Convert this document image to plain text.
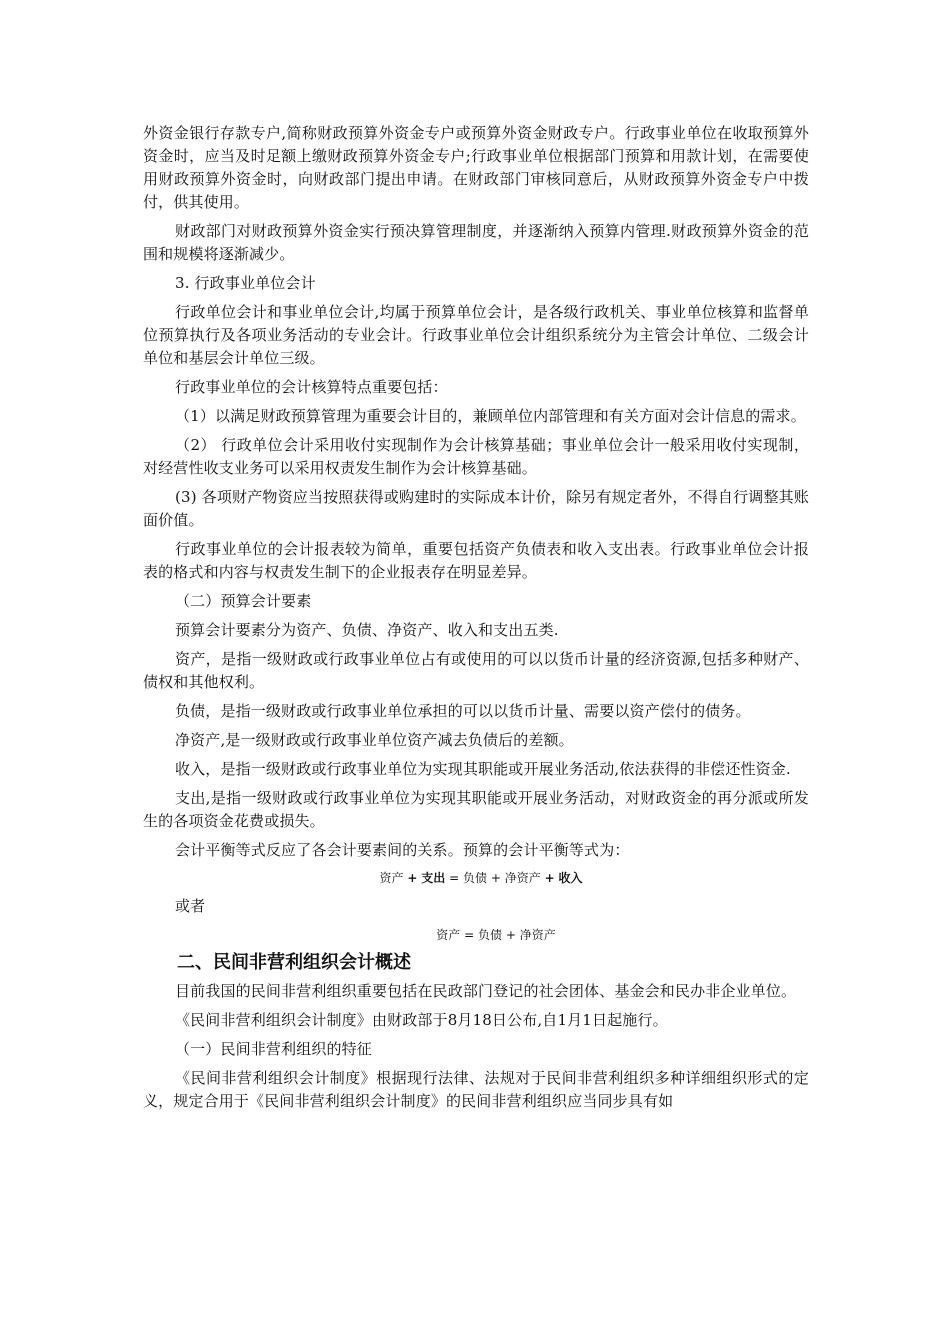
外资金银行存款专户,简称财政预算外资金专户或预算外资金财政专户。行政事业单位在收取预算外资金时，应当及时足额上缴财政预算外资金专户;行政事业单位根据部门预算和用款计划，在需要使用财政预算外资金时，向财政部门提出申请。在财政部门审核同意后，从财政预算外资金专户中拨付，供其使用。

财政部门对财政预算外资金实行预决算管理制度，并逐渐纳入预算内管理.财政预算外资金的范围和规模将逐渐减少。

3. 行政事业单位会计

行政单位会计和事业单位会计,均属于预算单位会计，是各级行政机关、事业单位核算和监督单位预算执行及各项业务活动的专业会计。行政事业单位会计组织系统分为主管会计单位、二级会计单位和基层会计单位三级。

行政事业单位的会计核算特点重要包括：

（1）以满足财政预算管理为重要会计目的，兼顾单位内部管理和有关方面对会计信息的需求。

（2） 行政单位会计采用收付实现制作为会计核算基础；事业单位会计一般采用收付实现制，对经营性收支业务可以采用权责发生制作为会计核算基础。

(3) 各项财产物资应当按照获得或购建时的实际成本计价，除另有规定者外，不得自行调整其账面价值。

行政事业单位的会计报表较为简单，重要包括资产负债表和收入支出表。行政事业单位会计报表的格式和内容与权责发生制下的企业报表存在明显差异。

（二）预算会计要素

预算会计要素分为资产、负债、净资产、收入和支出五类.

资产，是指一级财政或行政事业单位占有或使用的可以以货币计量的经济资源,包括多种财产、债权和其他权利。

负债，是指一级财政或行政事业单位承担的可以以货币计量、需要以资产偿付的债务。

净资产,是一级财政或行政事业单位资产减去负债后的差额。

收入，是指一级财政或行政事业单位为实现其职能或开展业务活动,依法获得的非偿还性资金.

支出,是指一级财政或行政事业单位为实现其职能或开展业务活动，对财政资金的再分派或所发生的各项资金花费或损失。

会计平衡等式反应了各会计要素间的关系。预算的会计平衡等式为：

资产 + 支出 = 负债 + 净资产 + 收入

或者

资产 = 负债 + 净资产
二、民间非营利组织会计概述

目前我国的民间非营利组织重要包括在民政部门登记的社会团体、基金会和民办非企业单位。

《民间非营利组织会计制度》由财政部于8月18日公布,自1月1日起施行。

（一）民间非营利组织的特征

《民间非营利组织会计制度》根据现行法律、法规对于民间非营利组织多种详细组织形式的定义，规定合用于《民间非营利组织会计制度》的民间非营利组织应当同步具有如
